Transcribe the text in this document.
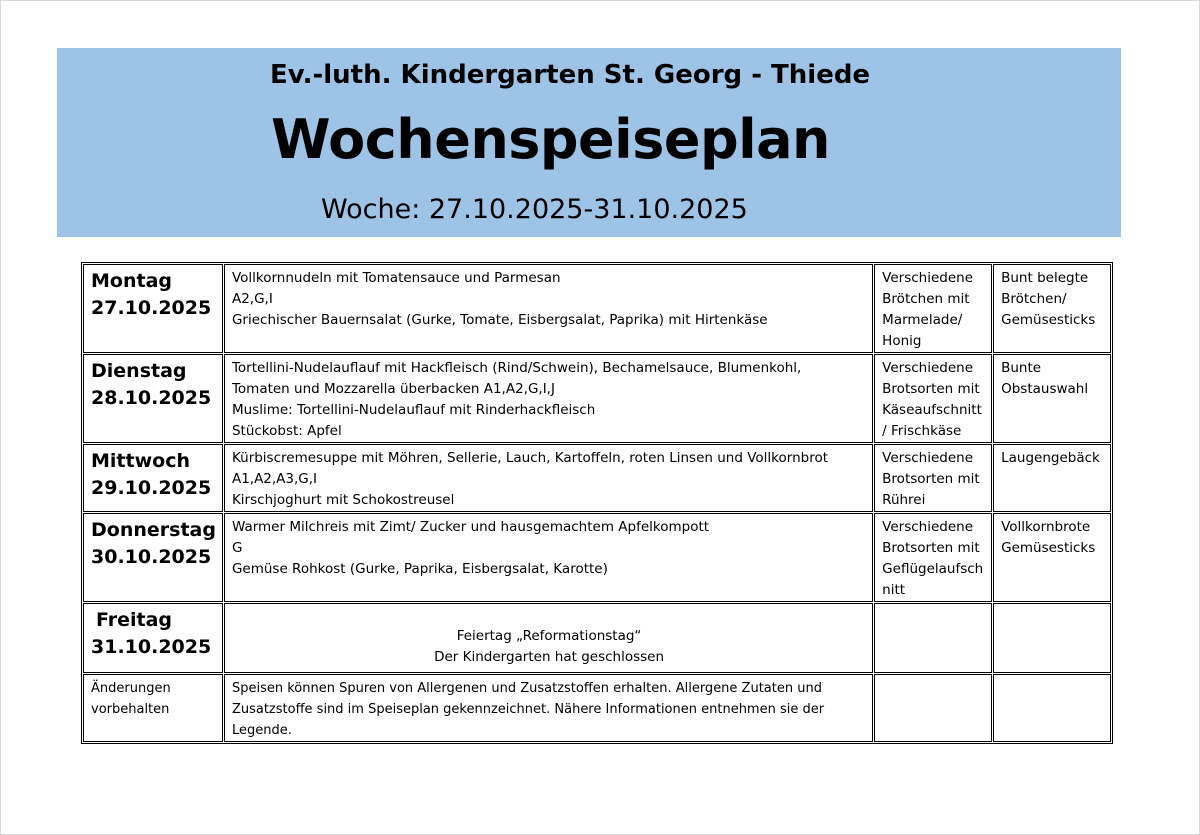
Ev.-luth. Kindergarten St. Georg - Thiede
Wochenspeiseplan
Woche: 27.10.2025-31.10.2025
Montag
27.10.2025	Vollkornnudeln mit Tomatensauce und Parmesan
A2,G,I
Griechischer Bauernsalat (Gurke, Tomate, Eisbergsalat, Paprika) mit Hirtenkäse	Verschiedene
Brötchen mit
Marmelade/
Honig	Bunt belegte
Brötchen/
Gemüsesticks

Dienstag
28.10.2025	Tortellini-Nudelauflauf mit Hackfleisch (Rind/Schwein), Bechamelsauce, Blumenkohl,
Tomaten und Mozzarella überbacken A1,A2,G,I,J
Muslime: Tortellini-Nudelauflauf mit Rinderhackfleisch
Stückobst: Apfel	Verschiedene
Brotsorten mit
Käseaufschnitt
/ Frischkäse	Bunte
Obstauswahl

Mittwoch
29.10.2025	Kürbiscremesuppe mit Möhren, Sellerie, Lauch, Kartoffeln, roten Linsen und Vollkornbrot
A1,A2,A3,G,I
Kirschjoghurt mit Schokostreusel	Verschiedene
Brotsorten mit
Rührei	Laugengebäck

Donnerstag
30.10.2025	Warmer Milchreis mit Zimt/ Zucker und hausgemachtem Apfelkompott
G
Gemüse Rohkost (Gurke, Paprika, Eisbergsalat, Karotte)	Verschiedene
Brotsorten mit
Geflügelaufsch
nitt	Vollkornbrote
Gemüsesticks

Freitag
31.10.2025	Feiertag „Reformationstag“
Der Kindergarten hat geschlossen		

Änderungen
vorbehalten	Speisen können Spuren von Allergenen und Zusatzstoffen erhalten. Allergene Zutaten und
Zusatzstoffe sind im Speiseplan gekennzeichnet. Nähere Informationen entnehmen sie der Legende.		
